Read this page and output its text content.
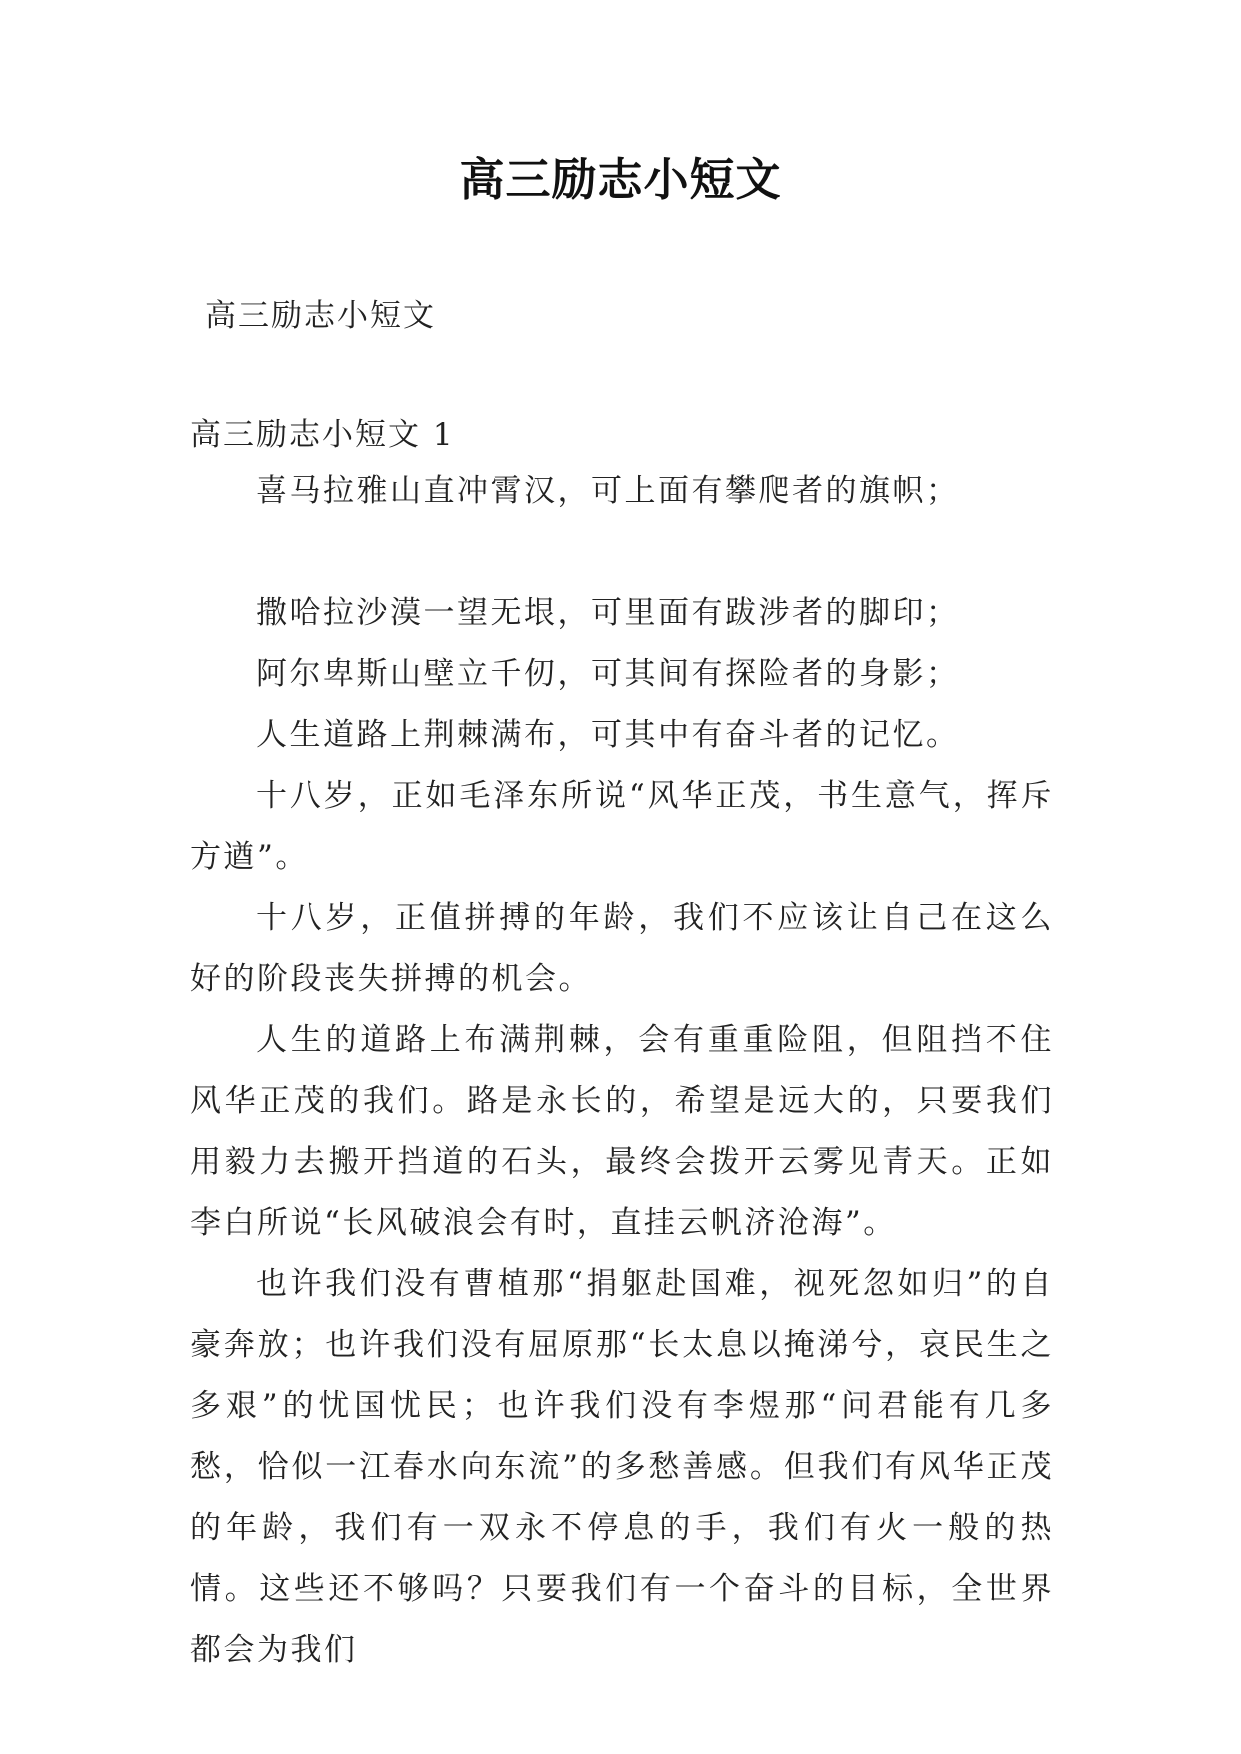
高三励志小短文

高三励志小短文

高三励志小短文 1

喜马拉雅山直冲霄汉，可上面有攀爬者的旗帜；

撒哈拉沙漠一望无垠，可里面有跋涉者的脚印；

阿尔卑斯山壁立千仞，可其间有探险者的身影；

人生道路上荆棘满布，可其中有奋斗者的记忆。

十八岁，正如毛泽东所说“风华正茂，书生意气，挥斥方遒”。

十八岁，正值拼搏的年龄，我们不应该让自己在这么好的阶段丧失拼搏的机会。

人生的道路上布满荆棘，会有重重险阻，但阻挡不住风华正茂的我们。路是永长的，希望是远大的，只要我们用毅力去搬开挡道的石头，最终会拨开云雾见青天。正如李白所说“长风破浪会有时，直挂云帆济沧海”。

也许我们没有曹植那“捐躯赴国难，视死忽如归”的自豪奔放；也许我们没有屈原那“长太息以掩涕兮，哀民生之多艰”的忧国忧民；也许我们没有李煜那“问君能有几多愁，恰似一江春水向东流”的多愁善感。但我们有风华正茂的年龄，我们有一双永不停息的手，我们有火一般的热情。这些还不够吗？只要我们有一个奋斗的目标，全世界都会为我们
